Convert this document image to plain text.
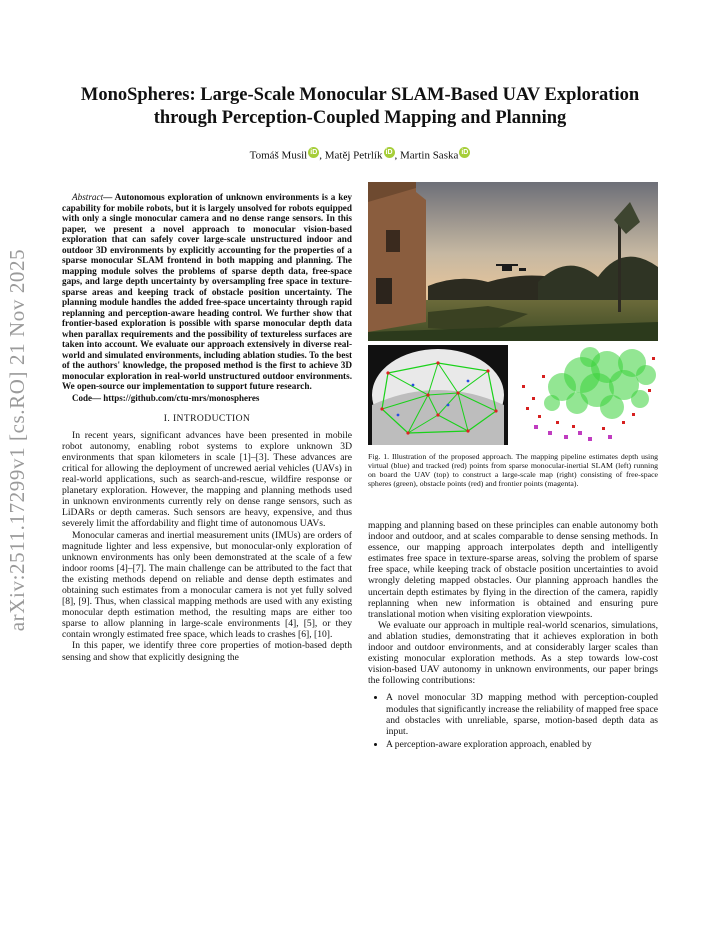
arXiv:2511.17299v1 [cs.RO] 21 Nov 2025
MonoSpheres: Large-Scale Monocular SLAM-Based UAV Exploration through Perception-Coupled Mapping and Planning
Tomáš Musil iD , Matěj Petrlík iD , Martin Saska iD

Abstract— Autonomous exploration of unknown environments is a key capability for mobile robots, but it is largely unsolved for robots equipped with only a single monocular camera and no dense range sensors. In this paper, we present a novel approach to monocular vision-based exploration that can safely cover large-scale unstructured indoor and outdoor 3D environments by explicitly accounting for the properties of a sparse monocular SLAM frontend in both mapping and planning. The mapping module solves the problems of sparse depth data, free-space gaps, and large depth uncertainty by oversampling free space in texture-sparse areas and keeping track of obstacle position uncertainty. The planning module handles the added free-space uncertainty through rapid replanning and perception-aware heading control. We further show that frontier-based exploration is possible with sparse monocular depth data when parallax requirements and the possibility of textureless surfaces are taken into account. We evaluate our approach extensively in diverse real-world and simulated environments, including ablation studies. To the best of the authors' knowledge, the proposed method is the first to achieve 3D monocular exploration in real-world unstructured outdoor environments. We open-source our implementation to support future research.

Code— https://github.com/ctu-mrs/monospheres
I. INTRODUCTION

In recent years, significant advances have been presented in mobile robot autonomy, enabling robot systems to explore unknown 3D environments that span kilometers in scale [1]–[3]. These advances are critical for allowing the deployment of uncrewed aerial vehicles (UAVs) in real-world applications, such as search-and-rescue, wildfire response or planetary exploration. However, the mapping and planning methods used in unknown environments currently rely on dense range sensors, such as LiDARs or depth cameras. Such sensors are heavy, expensive, and thus severely limit the affordability and flight time of autonomous UAVs.

Monocular cameras and inertial measurement units (IMUs) are orders of magnitude lighter and less expensive, but monocular-only exploration of unknown environments has only been demonstrated at the scale of a few indoor rooms [4]–[7]. The main challenge can be attributed to the fact that the existing methods depend on reliable and dense depth estimates and obtaining such estimates from a monocular camera is not yet fully solved [8], [9]. Thus, when classical mapping methods are used with any existing monocular depth estimation method, the resulting maps are either too sparse to allow planning in large-scale environments [4], [5], or they contain wrongly estimated free space, which leads to crashes [6], [10].

In this paper, we identify three core properties of motion-based depth sensing and show that explicitly designing the

Fig. 1. Illustration of the proposed approach. The mapping pipeline estimates depth using virtual (blue) and tracked (red) points from sparse monocular-inertial SLAM (left) running on board the UAV (top) to construct a large-scale map (right) consisting of free-space spheres (green), obstacle points (red) and frontier points (magenta).

mapping and planning based on these principles can enable autonomy both indoor and outdoor, and at scales comparable to dense sensing methods. In essence, our mapping approach interpolates depth and intelligently estimates free space in texture-sparse areas, solving the problem of sparse free space, while keeping track of obstacle position uncertainties to avoid wrongly deleting mapped obstacles. Our planning approach handles the uncertain depth estimates by flying in the direction of the camera, rapidly replanning when new information is obtained and ensuring pure translational motion when visiting exploration viewpoints.

We evaluate our approach in multiple real-world scenarios, simulations, and ablation studies, demonstrating that it achieves exploration in both indoor and outdoor environments, and at considerably larger scales than existing monocular exploration methods. As a step towards low-cost vision-based UAV autonomy in unknown environments, our paper brings the following contributions:

• A novel monocular 3D mapping method with perception-coupled modules that significantly increase the reliability of mapped free space and obstacles with unreliable, sparse, motion-based depth data as input.
• A perception-aware exploration approach, enabled by
